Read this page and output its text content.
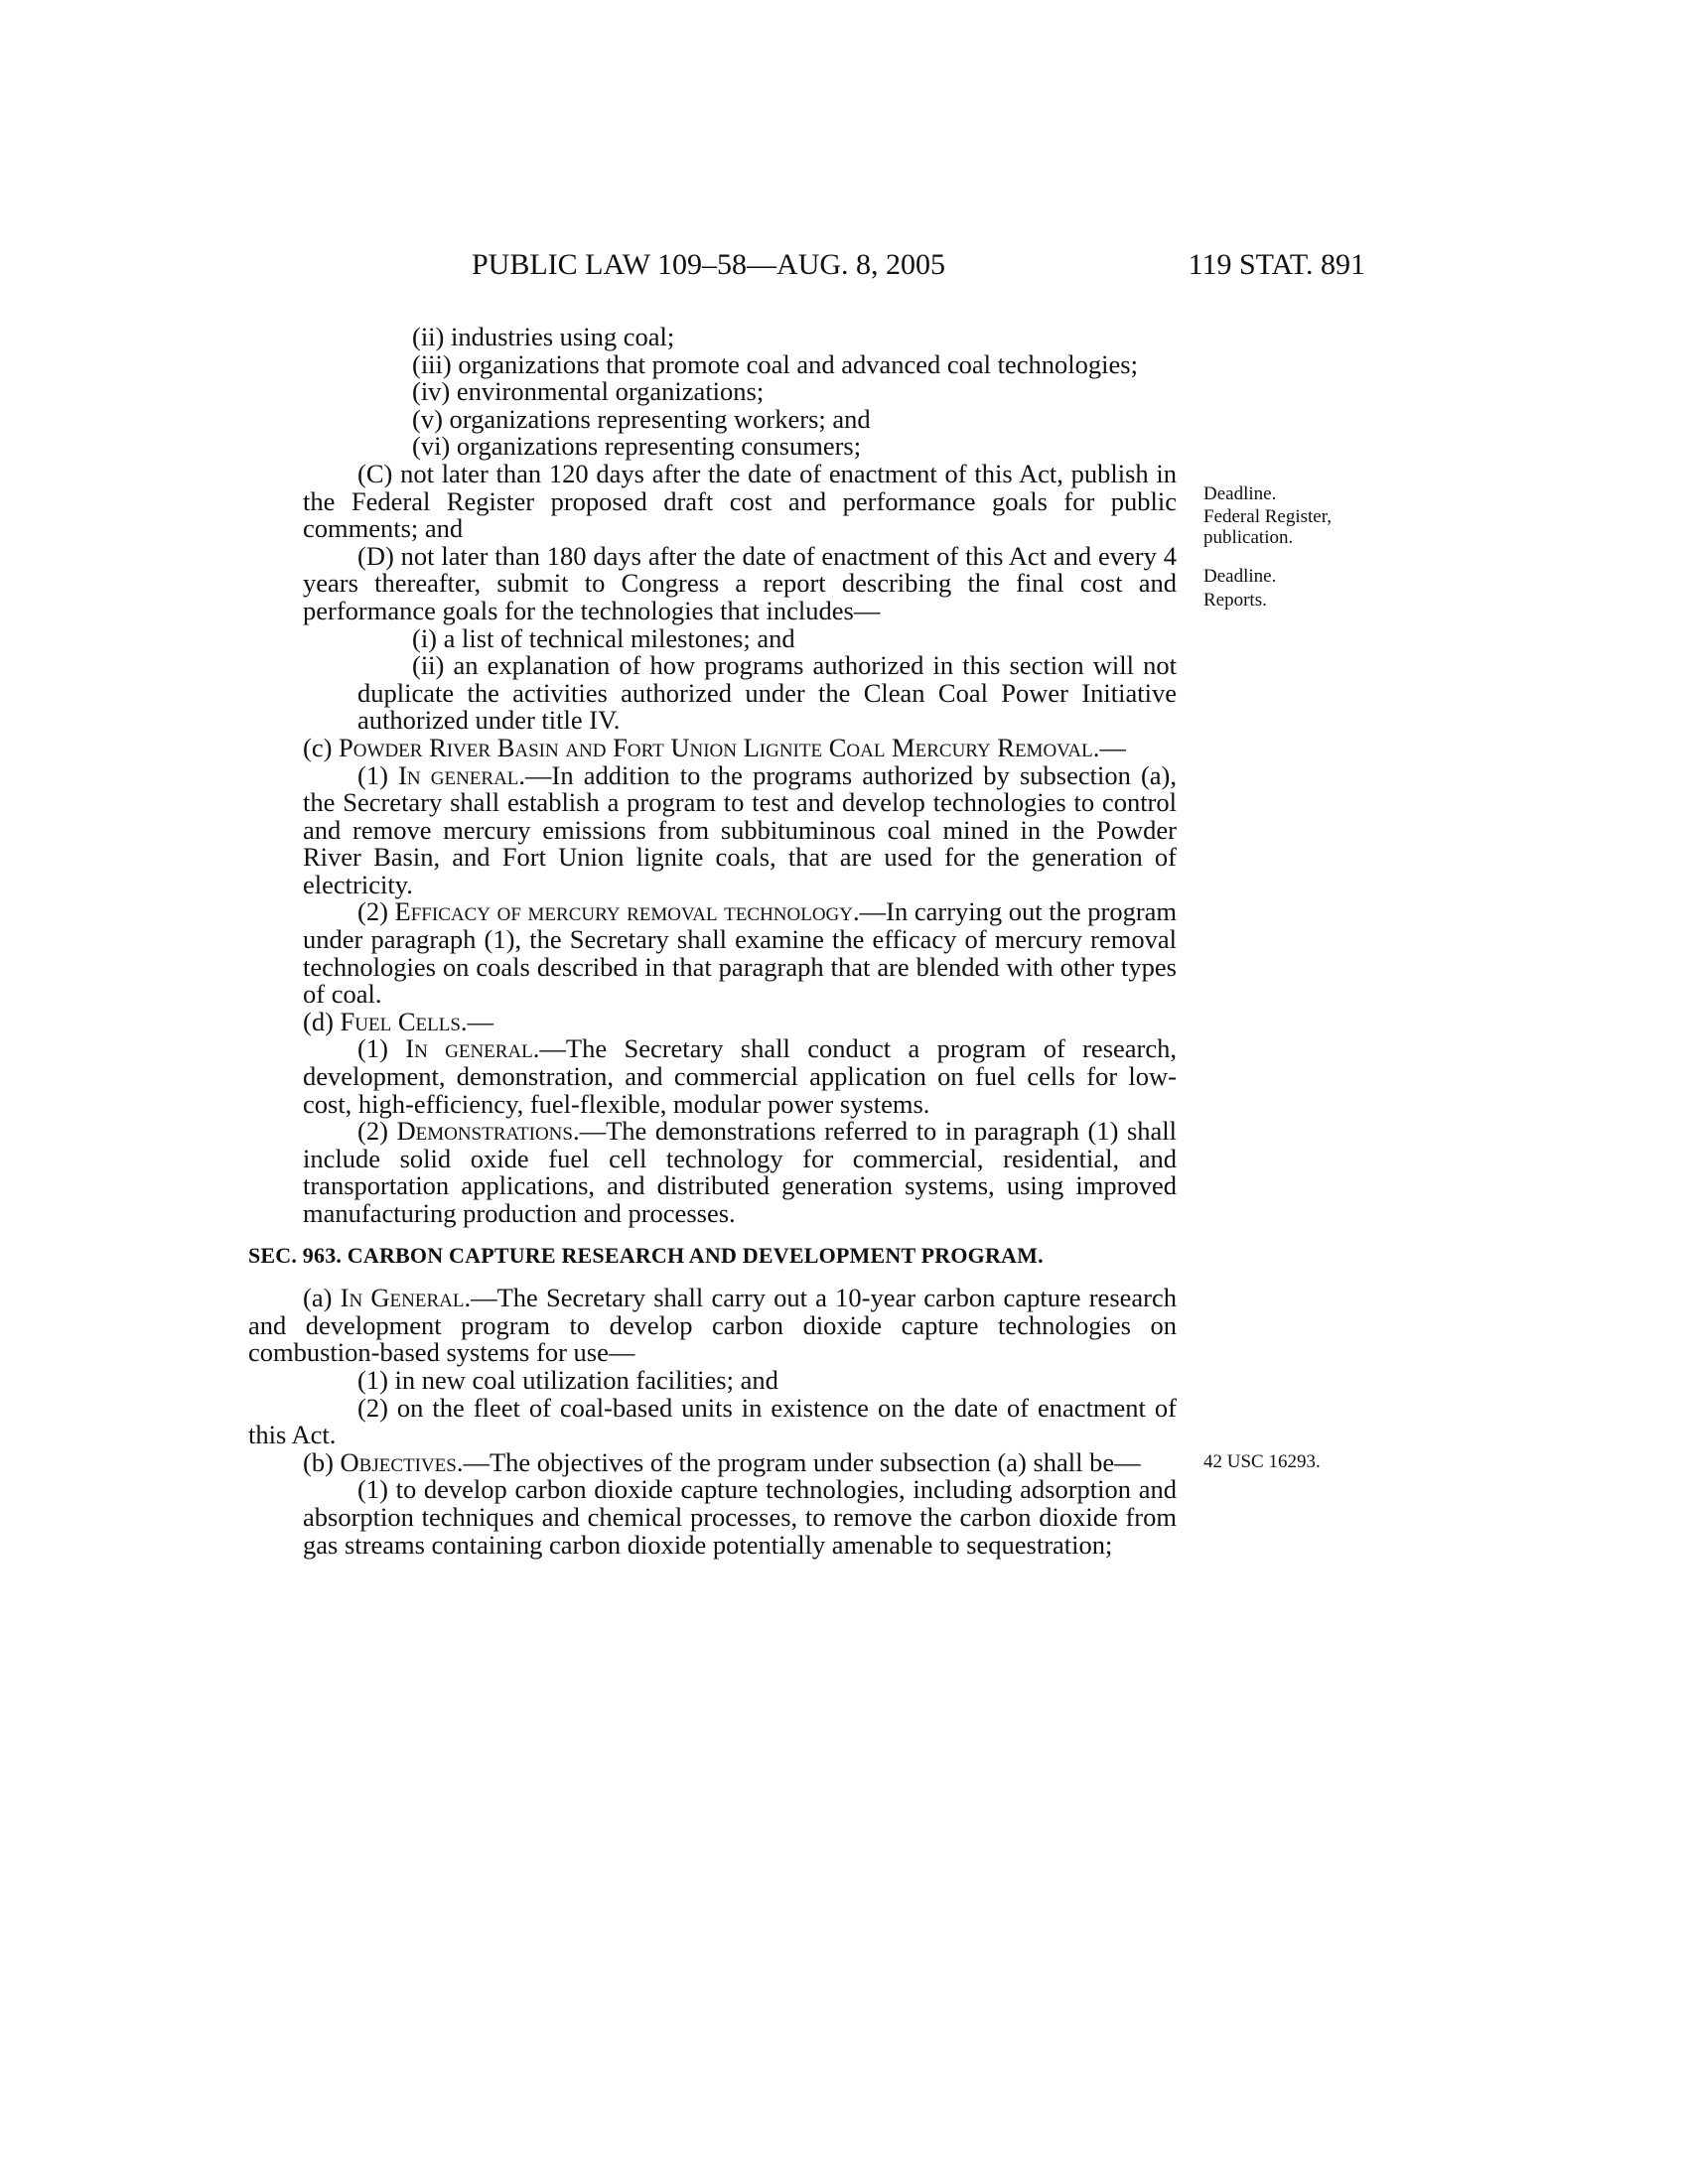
PUBLIC LAW 109–58—AUG. 8, 2005	119 STAT. 891

(ii) industries using coal;

(iii) organizations that promote coal and advanced coal technologies;

(iv) environmental organizations;

(v) organizations representing workers; and

(vi) organizations representing consumers;

(C) not later than 120 days after the date of enactment of this Act, publish in the Federal Register proposed draft cost and performance goals for public comments; and

(D) not later than 180 days after the date of enactment of this Act and every 4 years thereafter, submit to Congress a report describing the final cost and performance goals for the technologies that includes—

(i) a list of technical milestones; and

(ii) an explanation of how programs authorized in this section will not duplicate the activities authorized under the Clean Coal Power Initiative authorized under title IV.

(c) Powder River Basin and Fort Union Lignite Coal Mercury Removal.—

(1) In general.—In addition to the programs authorized by subsection (a), the Secretary shall establish a program to test and develop technologies to control and remove mercury emissions from subbituminous coal mined in the Powder River Basin, and Fort Union lignite coals, that are used for the generation of electricity.

(2) Efficacy of mercury removal technology.—In carrying out the program under paragraph (1), the Secretary shall examine the efficacy of mercury removal technologies on coals described in that paragraph that are blended with other types of coal.

(d) Fuel Cells.—

(1) In general.—The Secretary shall conduct a program of research, development, demonstration, and commercial application on fuel cells for low-cost, high-efficiency, fuel-flexible, modular power systems.

(2) Demonstrations.—The demonstrations referred to in paragraph (1) shall include solid oxide fuel cell technology for commercial, residential, and transportation applications, and distributed generation systems, using improved manufacturing production and processes.

SEC. 963. CARBON CAPTURE RESEARCH AND DEVELOPMENT PROGRAM.

(a) In General.—The Secretary shall carry out a 10-year carbon capture research and development program to develop carbon dioxide capture technologies on combustion-based systems for use—

(1) in new coal utilization facilities; and

(2) on the fleet of coal-based units in existence on the date of enactment of this Act.

(b) Objectives.—The objectives of the program under subsection (a) shall be—

(1) to develop carbon dioxide capture technologies, including adsorption and absorption techniques and chemical processes, to remove the carbon dioxide from gas streams containing carbon dioxide potentially amenable to sequestration;

Deadline.
Federal Register, publication.
Deadline.
Reports.
42 USC 16293.
